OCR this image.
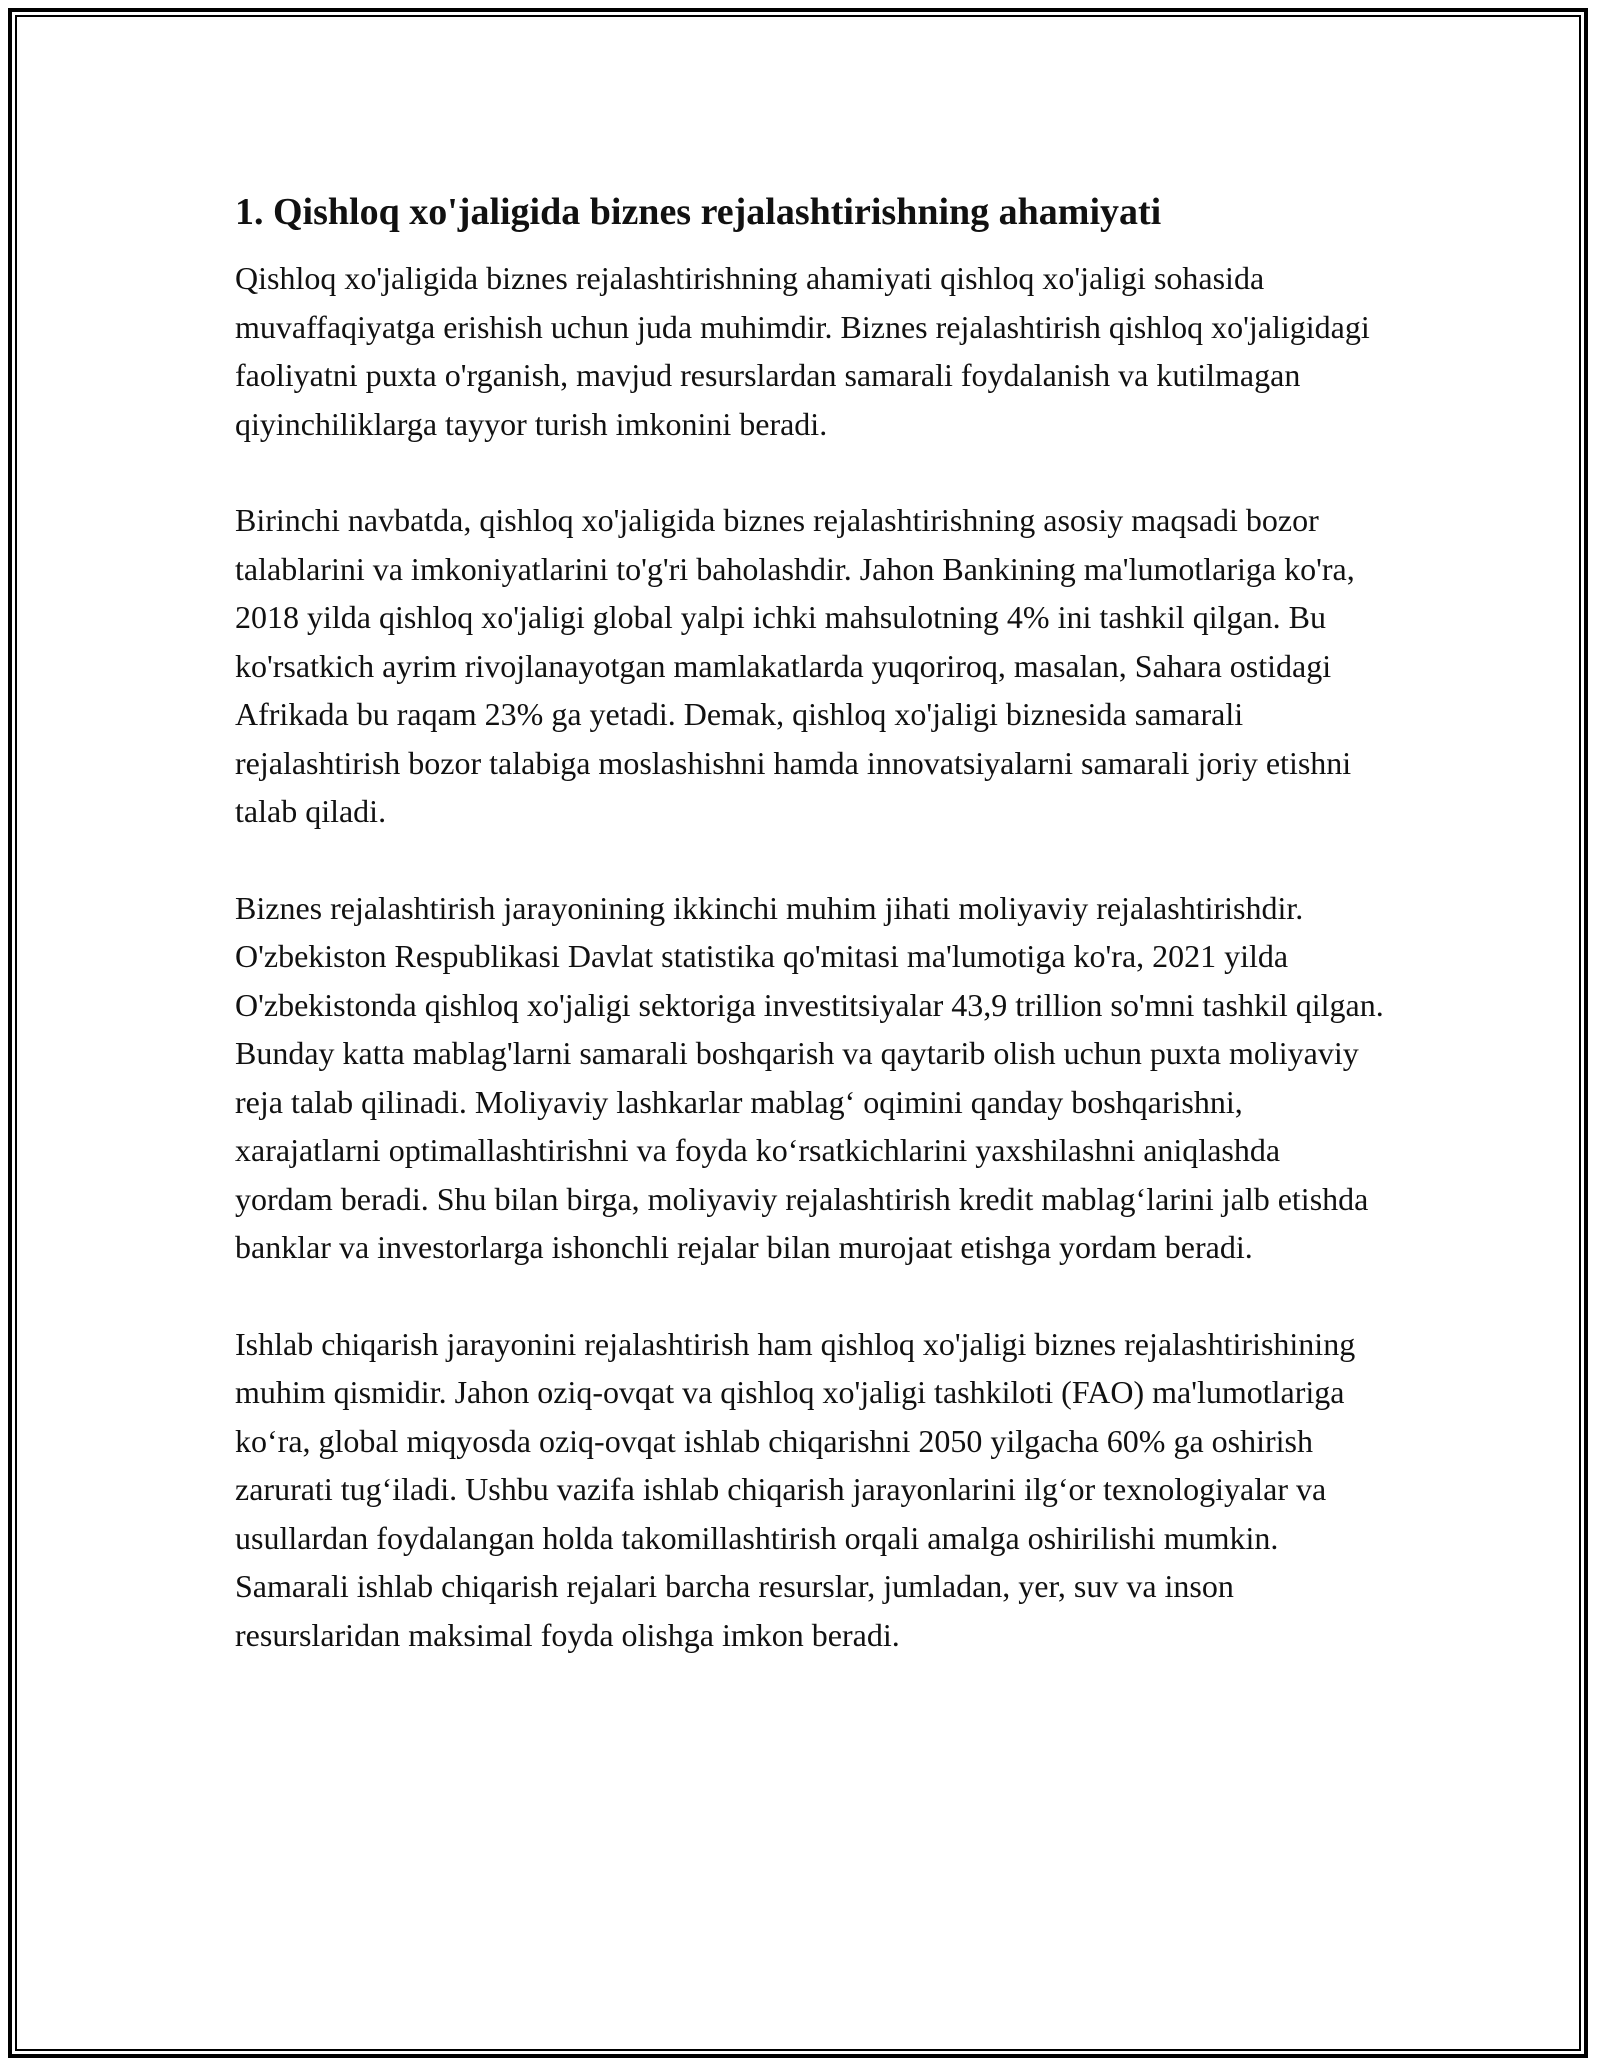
1. Qishloq xo'jaligida biznes rejalashtirishning ahamiyati

Qishloq xo'jaligida biznes rejalashtirishning ahamiyati qishloq xo'jaligi sohasida muvaffaqiyatga erishish uchun juda muhimdir. Biznes rejalashtirish qishloq xo'jaligidagi faoliyatni puxta o'rganish, mavjud resurslardan samarali foydalanish va kutilmagan qiyinchiliklarga tayyor turish imkonini beradi.

Birinchi navbatda, qishloq xo'jaligida biznes rejalashtirishning asosiy maqsadi bozor talablarini va imkoniyatlarini to'g'ri baholashdir. Jahon Bankining ma'lumotlariga ko'ra, 2018 yilda qishloq xo'jaligi global yalpi ichki mahsulotning 4% ini tashkil qilgan. Bu ko'rsatkich ayrim rivojlanayotgan mamlakatlarda yuqoriroq, masalan, Sahara ostidagi Afrikada bu raqam 23% ga yetadi. Demak, qishloq xo'jaligi biznesida samarali rejalashtirish bozor talabiga moslashishni hamda innovatsiyalarni samarali joriy etishni talab qiladi.

Biznes rejalashtirish jarayonining ikkinchi muhim jihati moliyaviy rejalashtirishdir. O'zbekiston Respublikasi Davlat statistika qo'mitasi ma'lumotiga ko'ra, 2021 yilda O'zbekistonda qishloq xo'jaligi sektoriga investitsiyalar 43,9 trillion so'mni tashkil qilgan. Bunday katta mablag'larni samarali boshqarish va qaytarib olish uchun puxta moliyaviy reja talab qilinadi. Moliyaviy lashkarlar mablag‘ oqimini qanday boshqarishni, xarajatlarni optimallashtirishni va foyda ko‘rsatkichlarini yaxshilashni aniqlashda yordam beradi. Shu bilan birga, moliyaviy rejalashtirish kredit mablag‘larini jalb etishda banklar va investorlarga ishonchli rejalar bilan murojaat etishga yordam beradi.

Ishlab chiqarish jarayonini rejalashtirish ham qishloq xo'jaligi biznes rejalashtirishining muhim qismidir. Jahon oziq-ovqat va qishloq xo'jaligi tashkiloti (FAO) ma'lumotlariga ko‘ra, global miqyosda oziq-ovqat ishlab chiqarishni 2050 yilgacha 60% ga oshirish zarurati tug‘iladi. Ushbu vazifa ishlab chiqarish jarayonlarini ilg‘or texnologiyalar va usullardan foydalangan holda takomillashtirish orqali amalga oshirilishi mumkin. Samarali ishlab chiqarish rejalari barcha resurslar, jumladan, yer, suv va inson resurslaridan maksimal foyda olishga imkon beradi.
